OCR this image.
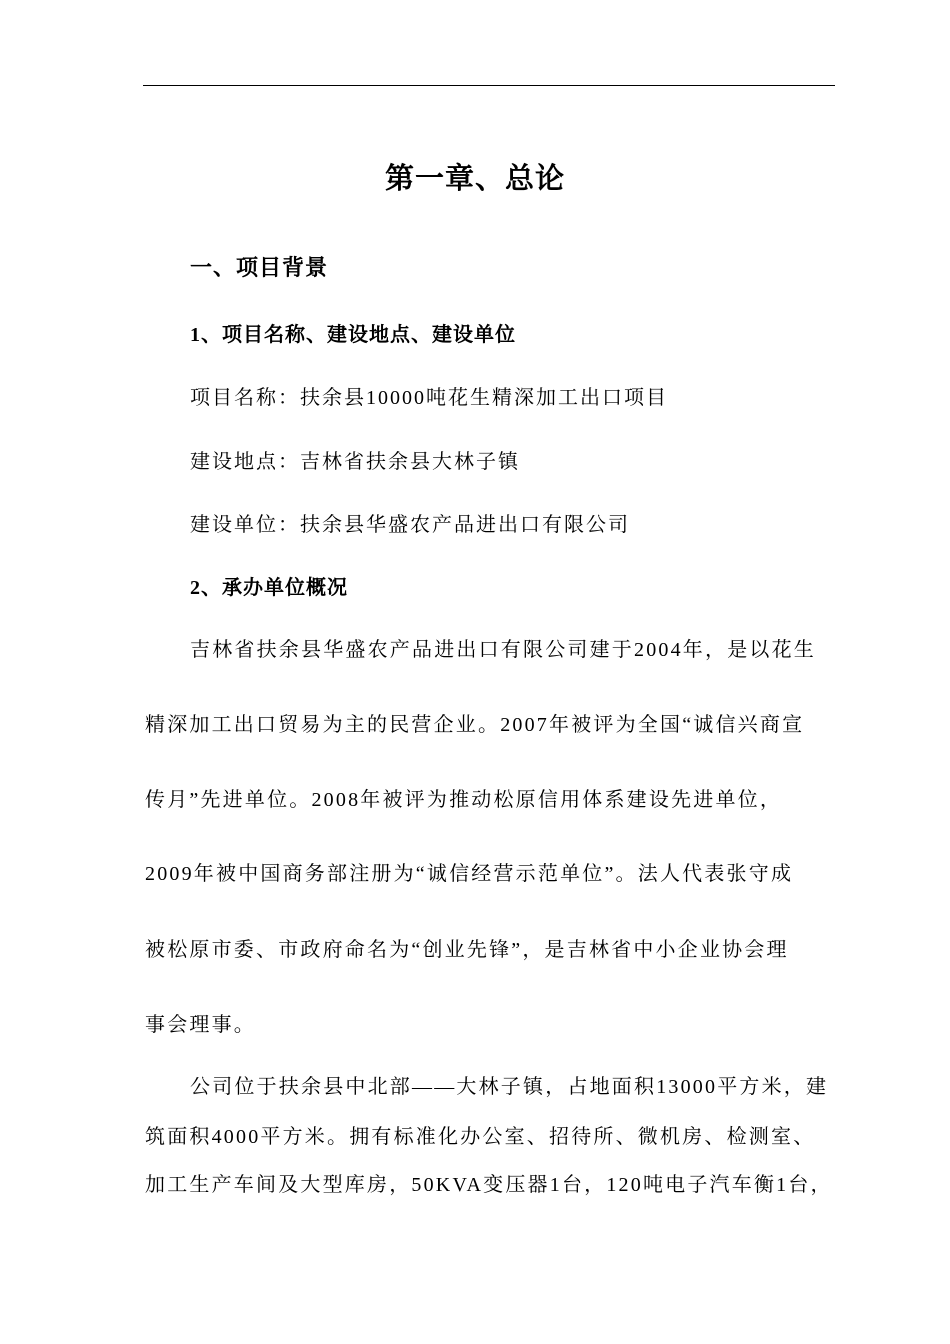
第一章、总论
一、项目背景
1、项目名称、建设地点、建设单位
项目名称：扶余县10000吨花生精深加工出口项目
建设地点：吉林省扶余县大林子镇
建设单位：扶余县华盛农产品进出口有限公司
2、承办单位概况
吉林省扶余县华盛农产品进出口有限公司建于2004年，是以花生
精深加工出口贸易为主的民营企业。2007年被评为全国“诚信兴商宣
传月”先进单位。2008年被评为推动松原信用体系建设先进单位，
2009年被中国商务部注册为“诚信经营示范单位”。法人代表张守成
被松原市委、市政府命名为“创业先锋”，是吉林省中小企业协会理
事会理事。
公司位于扶余县中北部——大林子镇，占地面积13000平方米，建
筑面积4000平方米。拥有标准化办公室、招待所、微机房、检测室、
加工生产车间及大型库房，50KVA变压器1台，120吨电子汽车衡1台，
